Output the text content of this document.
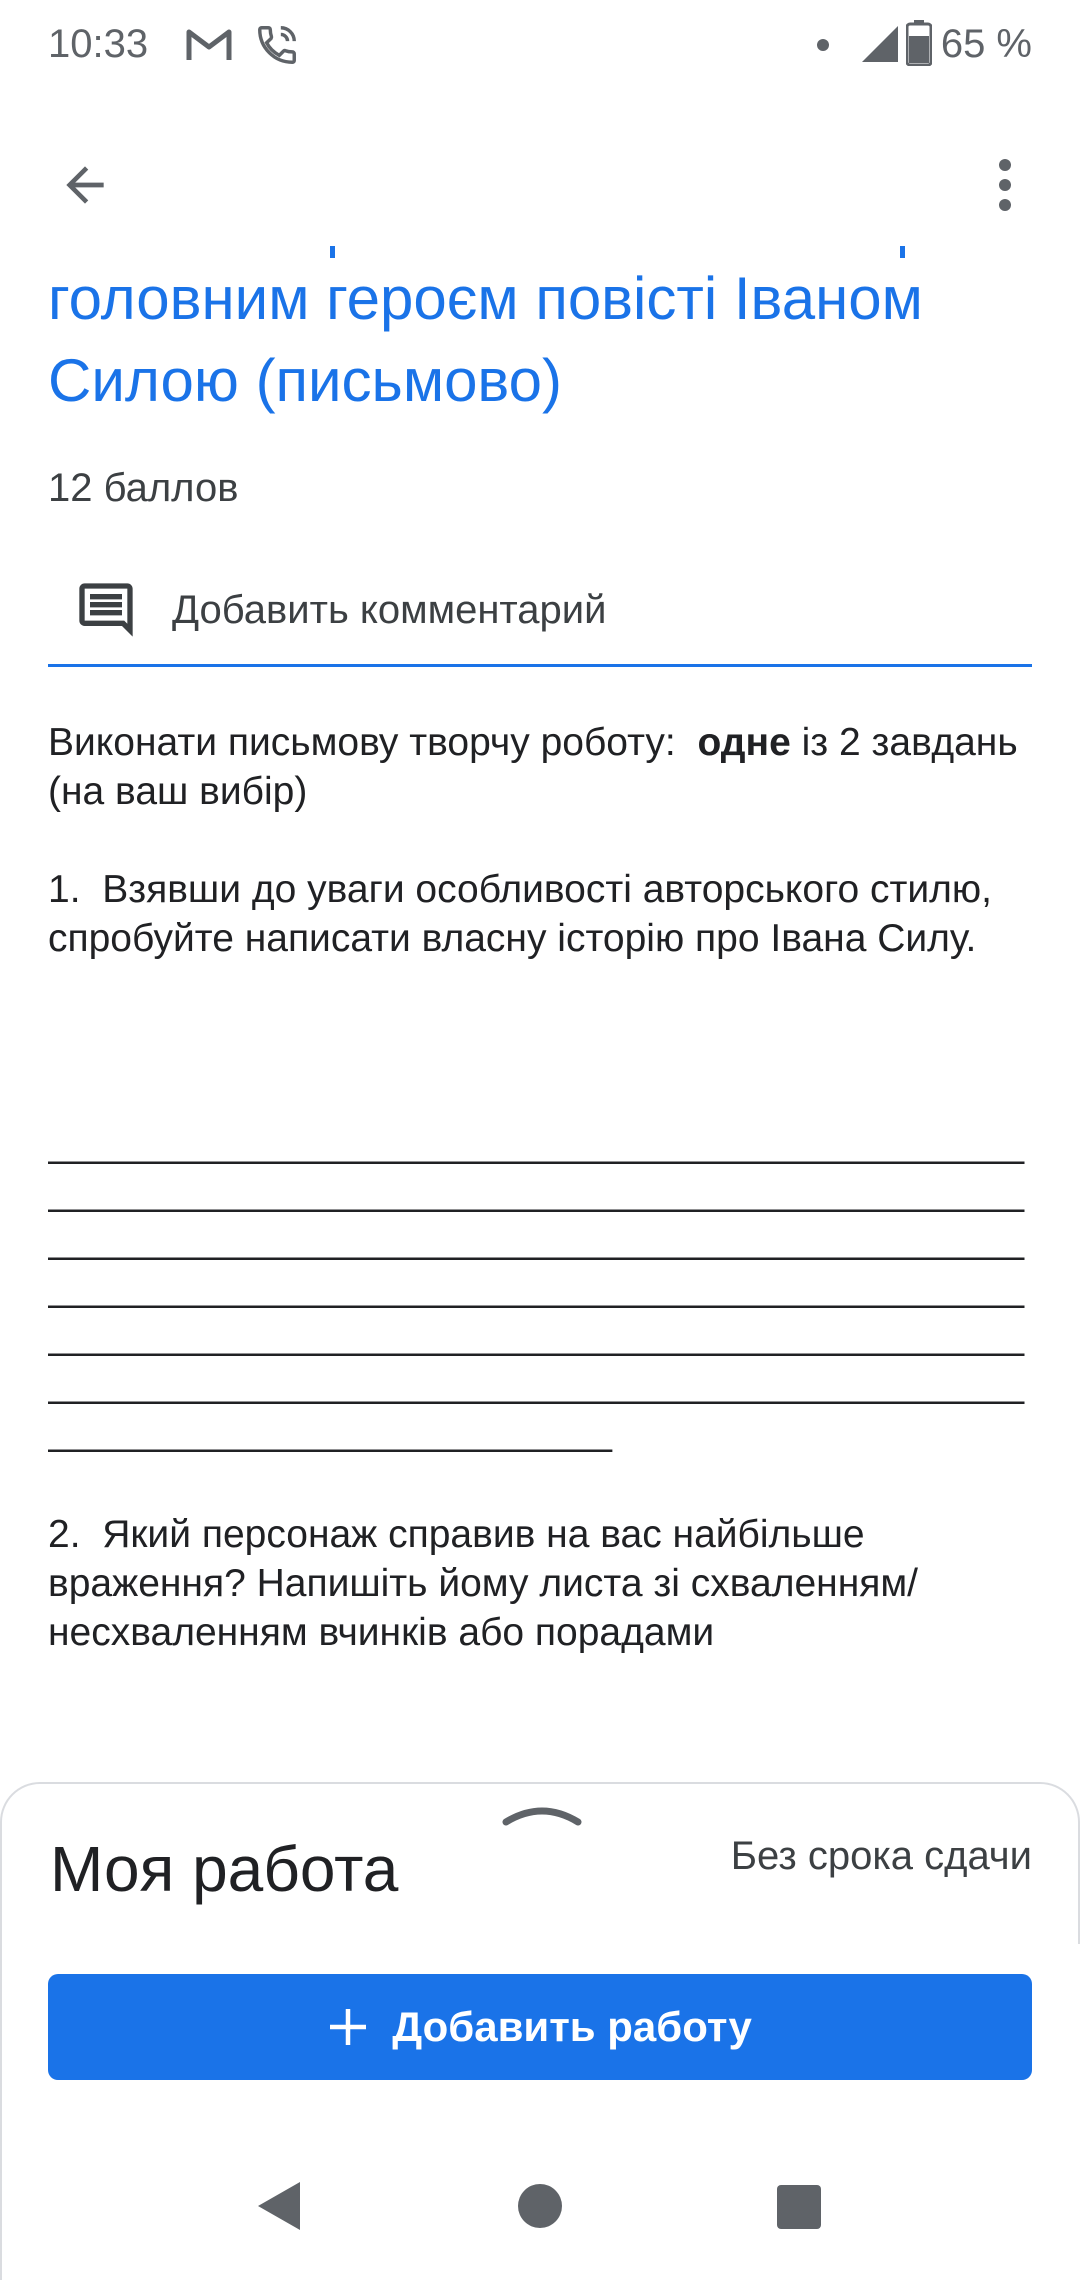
10:33	65 %
головним героєм повісті Іваном Силою (письмово)
12 баллов
Добавить комментарий
Виконати письмову творчу роботу:  одне із 2 завдань
(на ваш вибір)

1.  Взявши до уваги особливості авторського стилю, спробуйте написати власну історію про Івана Силу.
________________________________________________________________________________________________________________________________________________________________________________________________________________________________________________________________________________________________________
2.  Який персонаж справив на вас найбільше враження? Напишіть йому листа зі схваленням/несхваленням вчинків або порадами
Моя работа	Без срока сдачи
Добавить работу
